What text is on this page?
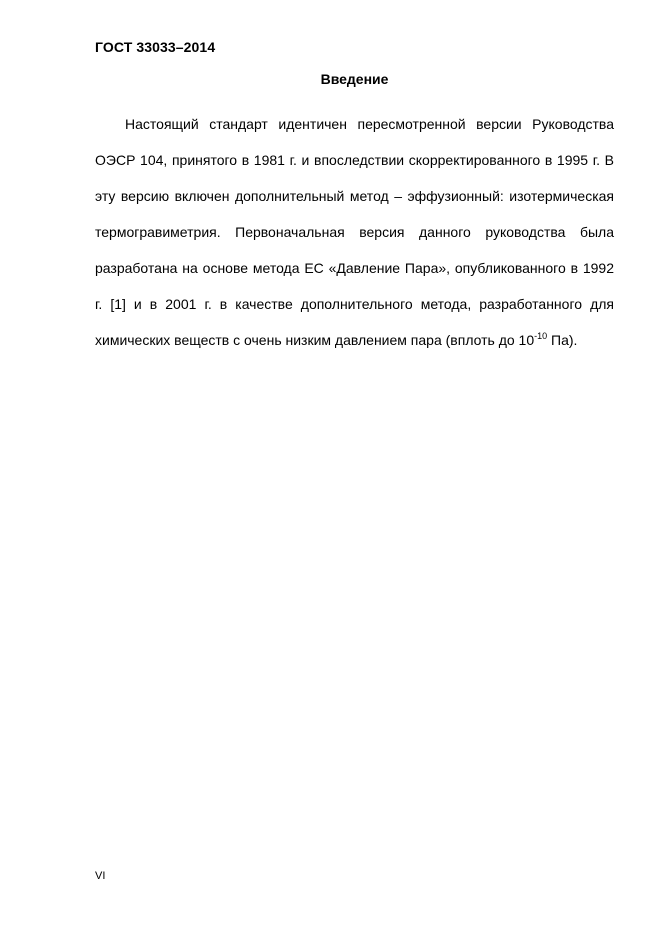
ГОСТ 33033–2014
Введение

Настоящий стандарт идентичен пересмотренной версии Руководства ОЭСР 104, принятого в 1981 г. и впоследствии скорректированного в 1995 г. В эту версию включен дополнительный метод – эффузионный: изотермическая термогравиметрия. Первоначальная версия данного руководства была разработана на основе метода ЕС «Давление Пара», опубликованного в 1992 г. [1] и в 2001 г. в качестве дополнительного метода, разработанного для химических веществ с очень низким давлением пара (вплоть до $10^{-10}$ Па).

VI
